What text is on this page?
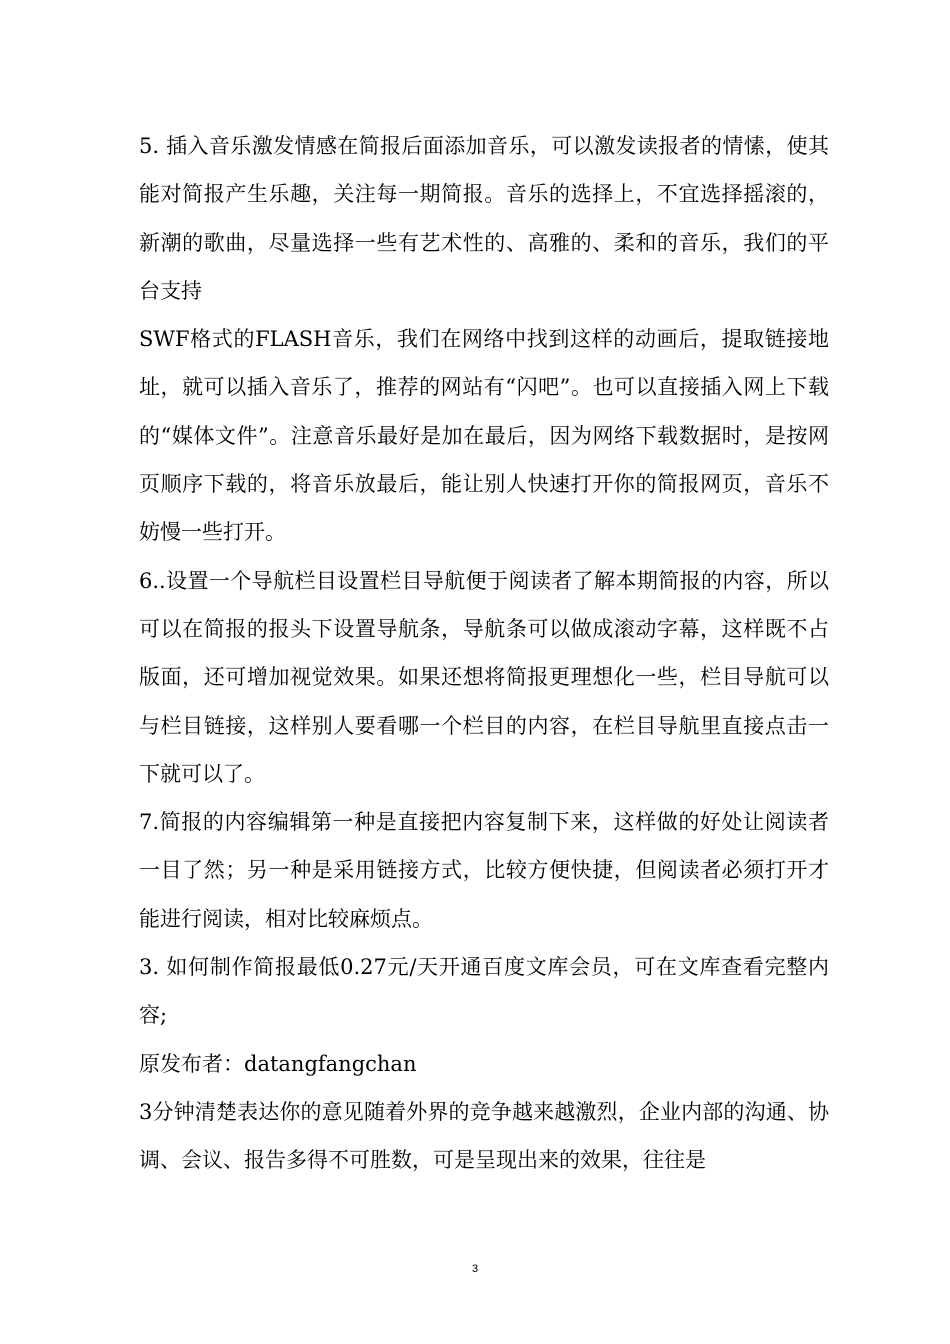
5. 插入音乐激发情感在简报后面添加音乐，可以激发读报者的情愫，使其能对简报产生乐趣，关注每一期简报。音乐的选择上，不宜选择摇滚的，新潮的歌曲，尽量选择一些有艺术性的、高雅的、柔和的音乐，我们的平台支持

SWF格式的FLASH音乐，我们在网络中找到这样的动画后，提取链接地址，就可以插入音乐了，推荐的网站有“闪吧”。也可以直接插入网上下载的“媒体文件”。注意音乐最好是加在最后，因为网络下载数据时，是按网页顺序下载的，将音乐放最后，能让别人快速打开你的简报网页，音乐不妨慢一些打开。

6..设置一个导航栏目设置栏目导航便于阅读者了解本期简报的内容，所以可以在简报的报头下设置导航条，导航条可以做成滚动字幕，这样既不占版面，还可增加视觉效果。如果还想将简报更理想化一些，栏目导航可以与栏目链接，这样别人要看哪一个栏目的内容，在栏目导航里直接点击一下就可以了。

7.简报的内容编辑第一种是直接把内容复制下来，这样做的好处让阅读者一目了然；另一种是采用链接方式，比较方便快捷，但阅读者必须打开才能进行阅读，相对比较麻烦点。

3. 如何制作简报最低0.27元/天开通百度文库会员，可在文库查看完整内容;

原发布者：datangfangchan

3分钟清楚表达你的意见随着外界的竞争越来越激烈，企业内部的沟通、协调、会议、报告多得不可胜数，可是呈现出来的效果，往往是

3
